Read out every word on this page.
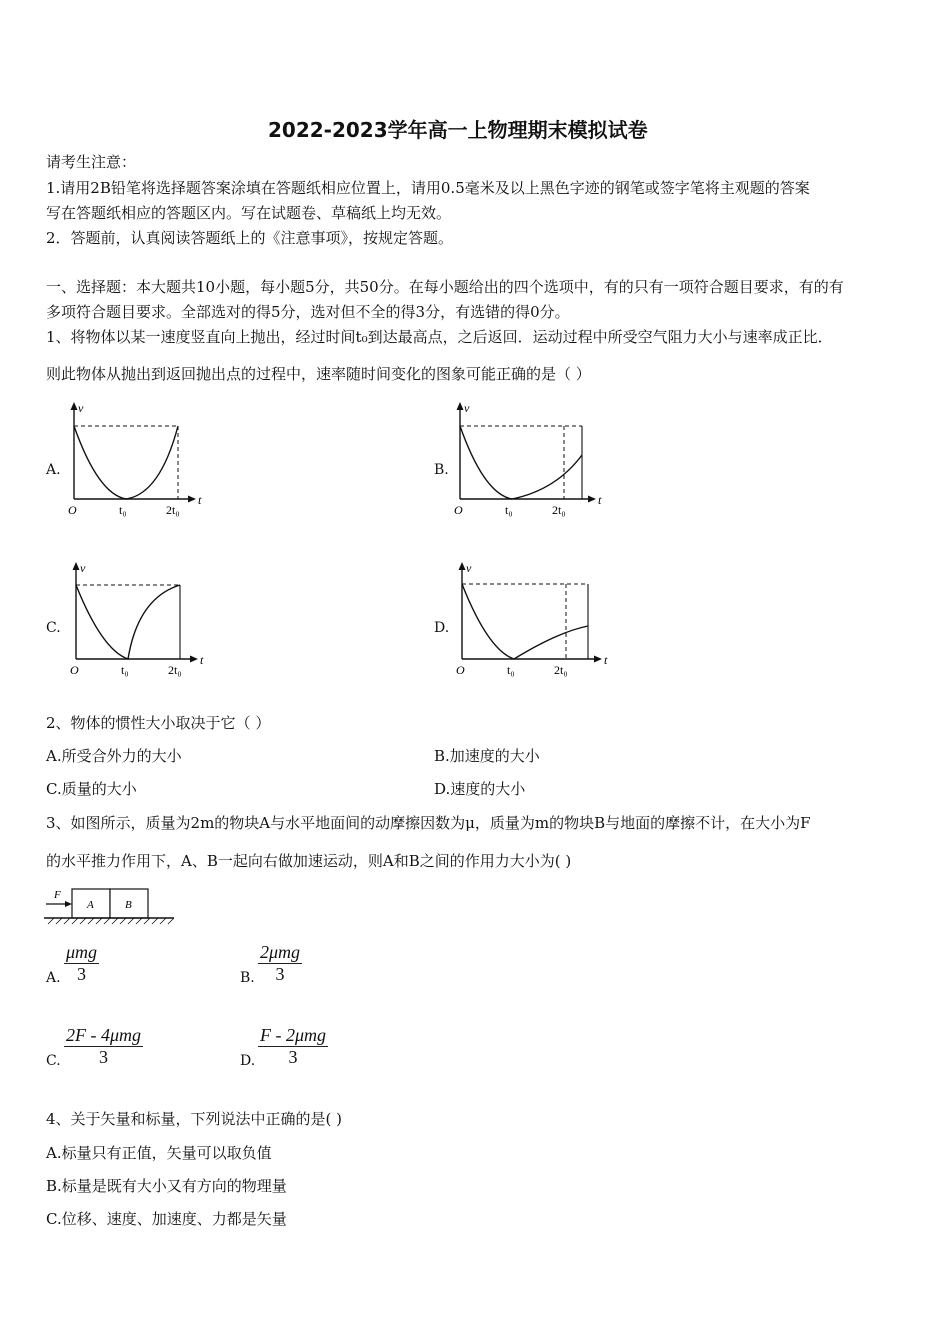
2022-2023学年高一上物理期末模拟试卷
请考生注意：
1.请用2B铅笔将选择题答案涂填在答题纸相应位置上，请用0.5毫米及以上黑色字迹的钢笔或签字笔将主观题的答案
写在答题纸相应的答题区内。写在试题卷、草稿纸上均无效。
2．答题前，认真阅读答题纸上的《注意事项》，按规定答题。
一、选择题：本大题共10小题，每小题5分，共50分。在每小题给出的四个选项中，有的只有一项符合题目要求，有的有
多项符合题目要求。全部选对的得5分，选对但不全的得3分，有选错的得0分。
1、将物体以某一速度竖直向上抛出，经过时间t₀到达最高点，之后返回．运动过程中所受空气阻力大小与速率成正比．
则此物体从抛出到返回抛出点的过程中，速率随时间变化的图象可能正确的是（ ）
A.
v
t
O	t₀	2t₀
B.
v
t
O	t₀	2t₀
C.
v
t
O	t₀	2t₀
D.
v
t
O	t₀	2t₀
2、物体的惯性大小取决于它（ ）
A.所受合外力的大小	B.加速度的大小
C.质量的大小	D.速度的大小
3、如图所示，质量为2m的物块A与水平地面间的动摩擦因数为μ，质量为m的物块B与地面的摩擦不计，在大小为F
的水平推力作用下，A、B一起向右做加速运动，则A和B之间的作用力大小为( )
F
A	B
A.
μmg
3	B.
2μmg
3
C.
2F - 4μmg
3	D.
F - 2μmg
3
4、关于矢量和标量，下列说法中正确的是( )
A.标量只有正值，矢量可以取负值
B.标量是既有大小又有方向的物理量
C.位移、速度、加速度、力都是矢量
